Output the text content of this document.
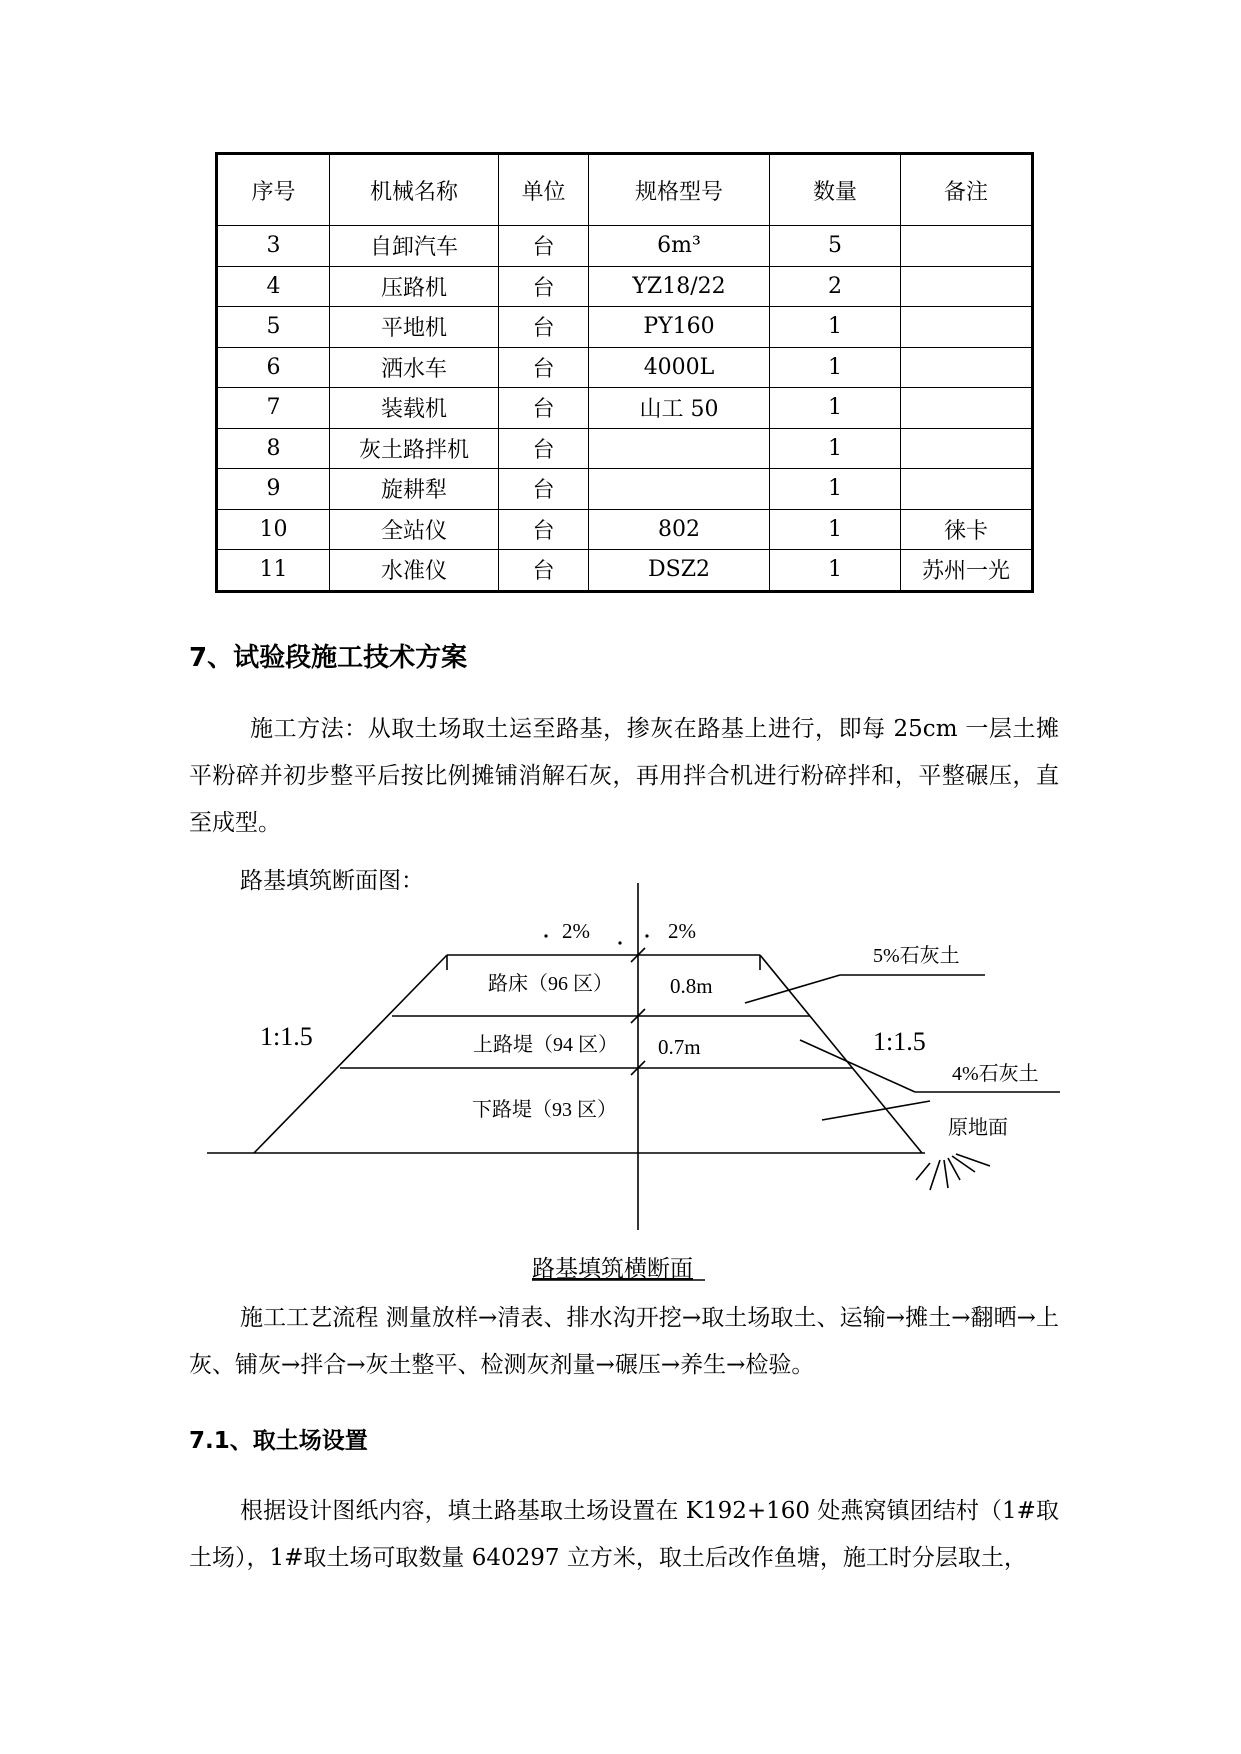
序号	机械名称	单位	规格型号	数量	备注
3	自卸汽车	台	6m³	5	
4	压路机	台	YZ18/22	2	
5	平地机	台	PY160	1	
6	洒水车	台	4000L	1	
7	装载机	台	山工 50	1	
8	灰土路拌机	台		1	
9	旋耕犁	台		1	
10	全站仪	台	802	1	徕卡
11	水准仪	台	DSZ2	1	苏州一光
7、试验段施工技术方案
施工方法：从取土场取土运至路基，掺灰在路基上进行，即每 25cm 一层土摊平粉碎并初步整平后按比例摊铺消解石灰，再用拌合机进行粉碎拌和，平整碾压，直至成型。
路基填筑断面图：
2%	2%
路床（96 区）
上路堤（94 区）
下路堤（93 区）
0.8m
0.7m
1:1.5	1:1.5
5%石灰土
4%石灰土
原地面
路基填筑横断面
施工工艺流程 测量放样→清表、排水沟开挖→取土场取土、运输→摊土→翻晒→上灰、铺灰→拌合→灰土整平、检测灰剂量→碾压→养生→检验。
7.1、取土场设置
根据设计图纸内容，填土路基取土场设置在 K192+160 处燕窝镇团结村（1#取土场），1#取土场可取数量 640297 立方米，取土后改作鱼塘，施工时分层取土，
